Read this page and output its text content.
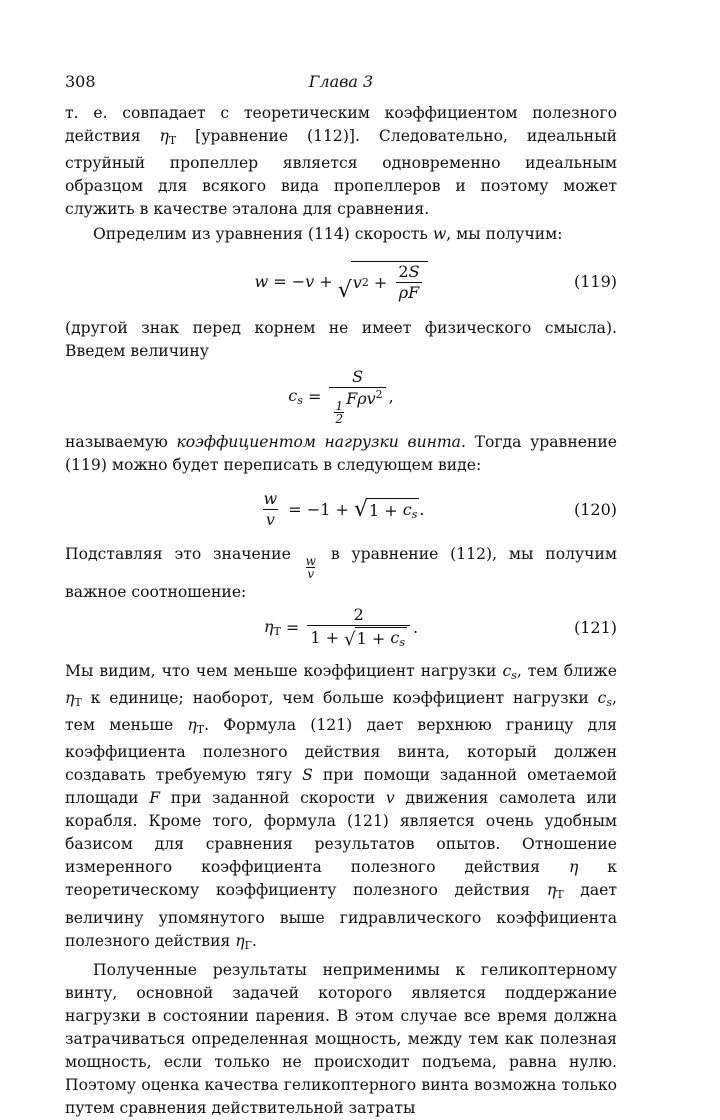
308	Глава 3

т. е. совпадает с теоретическим коэффициентом полезного действия $\eta_Т$ [уравнение (112)]. Следовательно, идеальный струйный пропеллер является одновременно идеальным образцом для всякого вида пропеллеров и поэтому может служить в качестве эталона для сравнения.

Определим из уравнения (114) скорость w, мы получим:

w = − v + √ v $2 + \frac{2S}{\rho F}$	(119)

(другой знак перед корнем не имеет физического смысла). Введем величину

$c_s = S$
$\frac{1}{2}$
Fρv$^2$ ,

называемую коэффициентом нагрузки винта. Тогда уравнение (119) можно будет переписать в следующем виде:

$\frac{w}{v} = -1$ + √ $1 + c_s$ .	(120)

Подставляя это значение
$\frac{w}{v}$
в уравнение (112), мы получим важное соотношение:

$\eta_Т = \frac{2}{1 + √ 1 + c_s}$ .	(121)

Мы видим, что чем меньше коэффициент нагрузки $c_s$, тем ближе $\eta_Т$ к единице; наоборот, чем больше коэффициент нагрузки $c_s$, тем меньше $\eta_Т$. Формула (121) дает верхнюю границу для коэффициента полезного действия винта, который должен создавать требуемую тягу S при помощи заданной ометаемой площади F при заданной скорости v движения самолета или корабля. Кроме того, формула (121) является очень удобным базисом для сравнения результатов опытов. Отношение измеренного коэффициента полезного действия η к теоретическому коэффициенту полезного действия $\eta_Т$ дает величину упомянутого выше гидравлического коэффициента полезного действия $\eta_Г$.

Полученные результаты неприменимы к геликоптерному винту, основной задачей которого является поддержание нагрузки в состоянии парения. В этом случае все время должна затрачиваться определенная мощность, между тем как полезная мощность, если только не происходит подъема, равна нулю. Поэтому оценка качества геликоптерного винта возможна только путем сравнения действительной затраты
